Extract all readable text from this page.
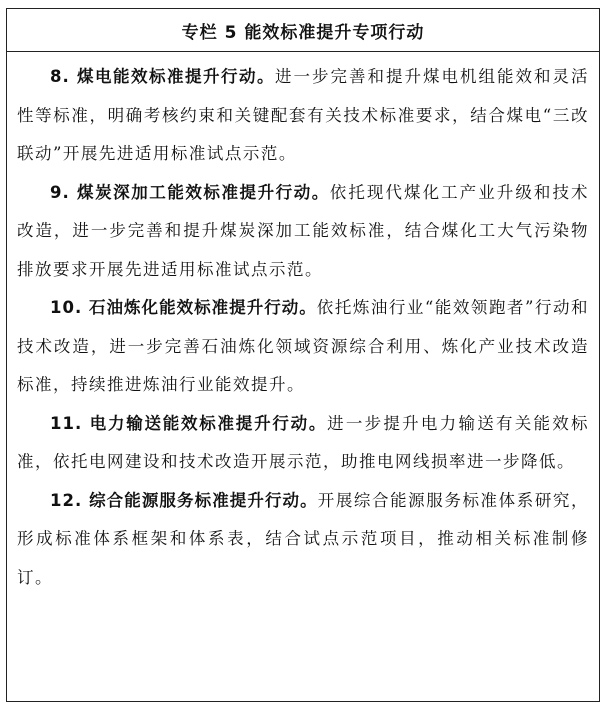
专栏 5 能效标准提升专项行动

8. 煤电能效标准提升行动。进一步完善和提升煤电机组能效和灵活性等标准，明确考核约束和关键配套有关技术标准要求，结合煤电“三改联动”开展先进适用标准试点示范。

9. 煤炭深加工能效标准提升行动。依托现代煤化工产业升级和技术改造，进一步完善和提升煤炭深加工能效标准，结合煤化工大气污染物排放要求开展先进适用标准试点示范。

10. 石油炼化能效标准提升行动。依托炼油行业“能效领跑者”行动和技术改造，进一步完善石油炼化领域资源综合利用、炼化产业技术改造标准，持续推进炼油行业能效提升。

11. 电力输送能效标准提升行动。进一步提升电力输送有关能效标准，依托电网建设和技术改造开展示范，助推电网线损率进一步降低。

12. 综合能源服务标准提升行动。开展综合能源服务标准体系研究，形成标准体系框架和体系表，结合试点示范项目，推动相关标准制修订。
